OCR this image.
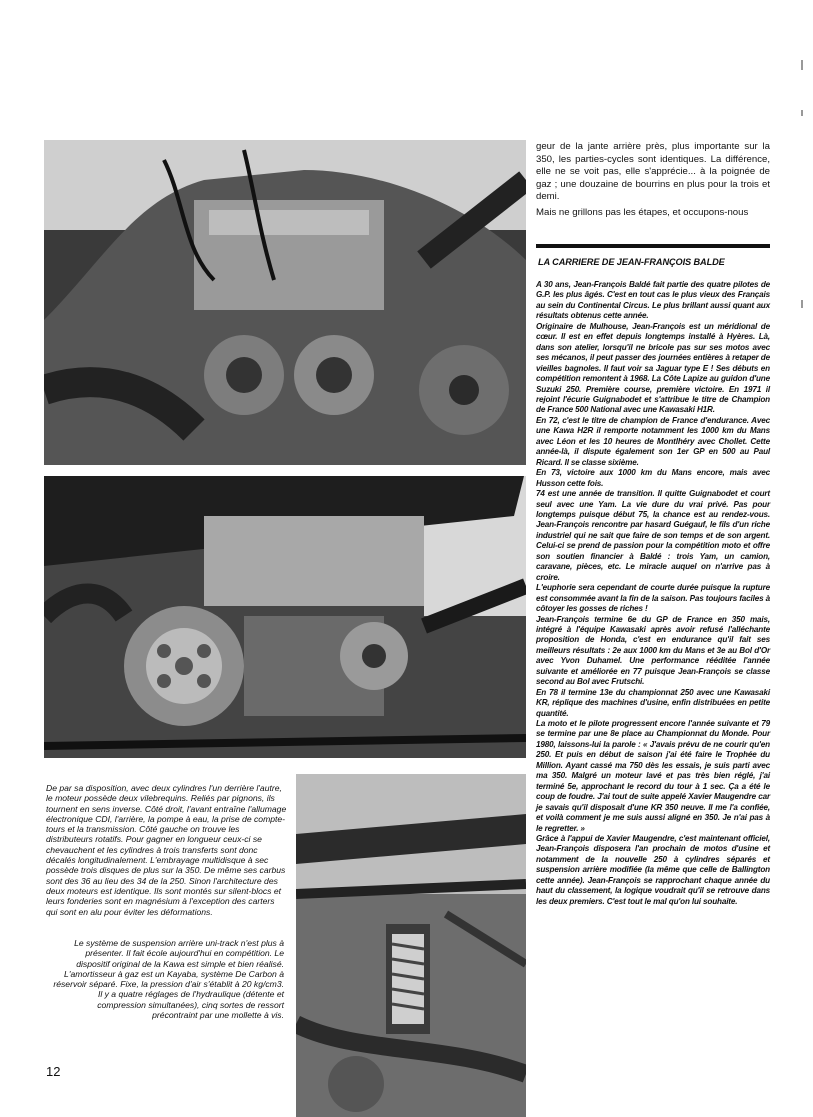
geur de la jante arrière près, plus importante sur la 350, les parties-cycles sont identiques. La différence, elle ne se voit pas, elle s'apprécie... à la poignée de gaz ; une douzaine de bourrins en plus pour la trois et demi.

Mais ne grillons pas les étapes, et occupons-nous

LA CARRIERE DE JEAN-FRANÇOIS BALDE

A 30 ans, Jean-François Baldé fait partie des quatre pilotes de G.P. les plus âgés. C'est en tout cas le plus vieux des Français au sein du Continental Circus. Le plus brillant aussi quant aux résultats obtenus cette année.

Originaire de Mulhouse, Jean-François est un méridional de cœur. Il est en effet depuis longtemps installé à Hyères. Là, dans son atelier, lorsqu'il ne bricole pas sur ses motos avec ses mécanos, il peut passer des journées entières à retaper de vieilles bagnoles. Il faut voir sa Jaguar type E ! Ses débuts en compétition remontent à 1968. La Côte Lapize au guidon d'une Suzuki 250. Première course, première victoire. En 1971 il rejoint l'écurie Guignabodet et s'attribue le titre de Champion de France 500 National avec une Kawasaki H1R.

En 72, c'est le titre de champion de France d'endurance. Avec une Kawa H2R il remporte notamment les 1000 km du Mans avec Léon et les 10 heures de Montlhéry avec Chollet. Cette année-là, il dispute également son 1er GP en 500 au Paul Ricard. Il se classe sixième.

En 73, victoire aux 1000 km du Mans encore, mais avec Husson cette fois.

74 est une année de transition. Il quitte Guignabodet et court seul avec une Yam. La vie dure du vrai privé. Pas pour longtemps puisque début 75, la chance est au rendez-vous. Jean-François rencontre par hasard Guégauf, le fils d'un riche industriel qui ne sait que faire de son temps et de son argent. Celui-ci se prend de passion pour la compétition moto et offre son soutien financier à Baldé : trois Yam, un camion, caravane, pièces, etc. Le miracle auquel on n'arrive pas à croire.

L'euphorie sera cependant de courte durée puisque la rupture est consommée avant la fin de la saison. Pas toujours faciles à côtoyer les gosses de riches !

Jean-François termine 6e du GP de France en 350 mais, intégré à l'équipe Kawasaki après avoir refusé l'alléchante proposition de Honda, c'est en endurance qu'il fait ses meilleurs résultats : 2e aux 1000 km du Mans et 3e au Bol d'Or avec Yvon Duhamel. Une performance rééditée l'année suivante et améliorée en 77 puisque Jean-François se classe second au Bol avec Frutschi.

En 78 il termine 13e du championnat 250 avec une Kawasaki KR, réplique des machines d'usine, enfin distribuées en petite quantité.

La moto et le pilote progressent encore l'année suivante et 79 se termine par une 8e place au Championnat du Monde. Pour 1980, laissons-lui la parole : « J'avais prévu de ne courir qu'en 250. Et puis en début de saison j'ai été faire le Trophée du Million. Ayant cassé ma 750 dès les essais, je suis parti avec ma 350. Malgré un moteur lavé et pas très bien réglé, j'ai terminé 5e, approchant le record du tour à 1 sec. Ça a été le coup de foudre. J'ai tout de suite appelé Xavier Maugendre car je savais qu'il disposait d'une KR 350 neuve. Il me l'a confiée, et voilà comment je me suis aussi aligné en 350. Je n'ai pas à le regretter. »

Grâce à l'appui de Xavier Maugendre, c'est maintenant officiel, Jean-François disposera l'an prochain de motos d'usine et notamment de la nouvelle 250 à cylindres séparés et suspension arrière modifiée (la même que celle de Ballington cette année). Jean-François se rapprochant chaque année du haut du classement, la logique voudrait qu'il se retrouve dans les deux premiers. C'est tout le mal qu'on lui souhaite.

De par sa disposition, avec deux cylindres l'un derrière l'autre, le moteur possède deux vilebrequins. Reliés par pignons, ils tournent en sens inverse. Côté droit, l'avant entraîne l'allumage électronique CDI, l'arrière, la pompe à eau, la prise de compte-tours et la transmission. Côté gauche on trouve les distributeurs rotatifs. Pour gagner en longueur ceux-ci se chevauchent et les cylindres à trois transferts sont donc décalés longitudinalement. L'embrayage multidisque à sec possède trois disques de plus sur la 350. De même ses carbus sont des 36 au lieu des 34 de la 250. Sinon l'architecture des deux moteurs est identique. Ils sont montés sur silent-blocs et leurs fonderies sont en magnésium à l'exception des carters qui sont en alu pour éviter les déformations.
Le système de suspension arrière uni-track n'est plus à présenter. Il fait école aujourd'hui en compétition. Le dispositif original de la Kawa est simple et bien réalisé. L'amortisseur à gaz est un Kayaba, système De Carbon à réservoir séparé. Fixe, la pression d'air s'établit à 20 kg/cm3. Il y a quatre réglages de l'hydraulique (détente et compression simultanées), cinq sortes de ressort précontraint par une mollette à vis.
12
